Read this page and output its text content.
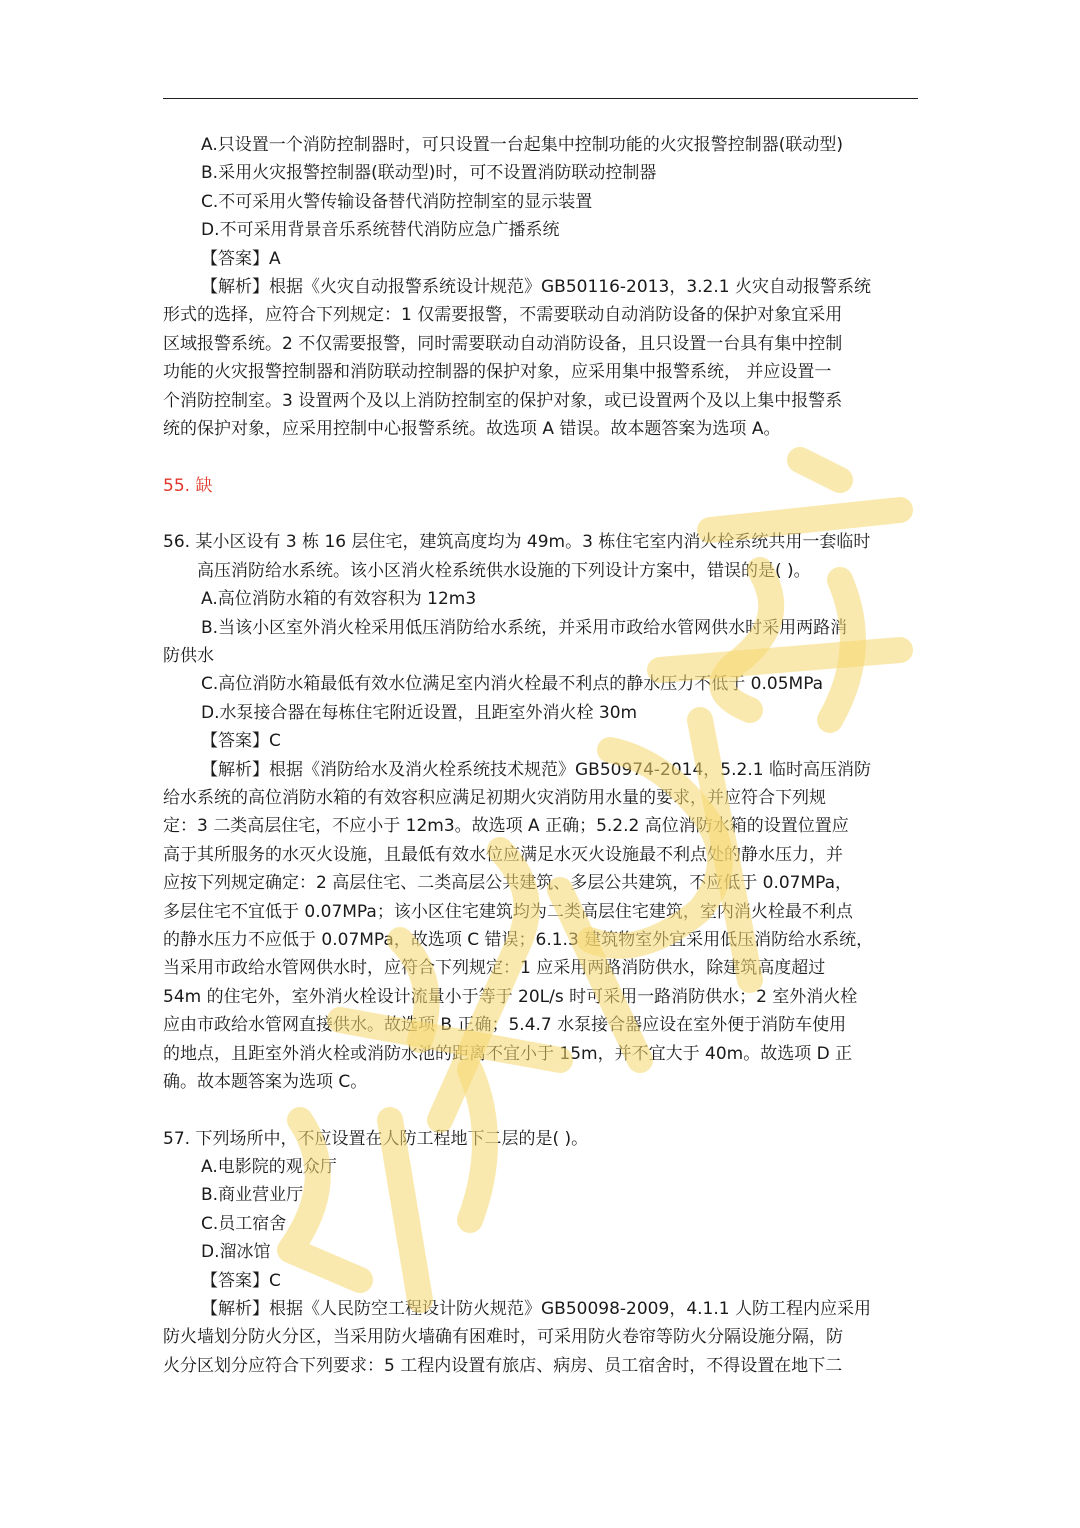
A.只设置一个消防控制器时，可只设置一台起集中控制功能的火灾报警控制器(联动型)
B.采用火灾报警控制器(联动型)时，可不设置消防联动控制器
C.不可采用火警传输设备替代消防控制室的显示装置
D.不可采用背景音乐系统替代消防应急广播系统
【答案】A
【解析】根据《火灾自动报警系统设计规范》GB50116-2013，3.2.1 火灾自动报警系统
形式的选择，应符合下列规定：1 仅需要报警，不需要联动自动消防设备的保护对象宜采用
区域报警系统。2 不仅需要报警，同时需要联动自动消防设备，且只设置一台具有集中控制
功能的火灾报警控制器和消防联动控制器的保护对象，应采用集中报警系统， 并应设置一
个消防控制室。3 设置两个及以上消防控制室的保护对象，或已设置两个及以上集中报警系
统的保护对象，应采用控制中心报警系统。故选项 A 错误。故本题答案为选项 A。
55. 缺
56. 某小区设有 3 栋 16 层住宅，建筑高度均为 49m。3 栋住宅室内消火栓系统共用一套临时
高压消防给水系统。该小区消火栓系统供水设施的下列设计方案中，错误的是( )。
A.高位消防水箱的有效容积为 12m3
B.当该小区室外消火栓采用低压消防给水系统，并采用市政给水管网供水时采用两路消
防供水
C.高位消防水箱最低有效水位满足室内消火栓最不利点的静水压力不低于 0.05MPa
D.水泵接合器在每栋住宅附近设置，且距室外消火栓 30m
【答案】C
【解析】根据《消防给水及消火栓系统技术规范》GB50974-2014，5.2.1 临时高压消防
给水系统的高位消防水箱的有效容积应满足初期火灾消防用水量的要求，并应符合下列规
定：3 二类高层住宅，不应小于 12m3。故选项 A 正确；5.2.2 高位消防水箱的设置位置应
高于其所服务的水灭火设施，且最低有效水位应满足水灭火设施最不利点处的静水压力，并
应按下列规定确定：2 高层住宅、二类高层公共建筑、多层公共建筑，不应低于 0.07MPa，
多层住宅不宜低于 0.07MPa；该小区住宅建筑均为二类高层住宅建筑，室内消火栓最不利点
的静水压力不应低于 0.07MPa，故选项 C 错误；6.1.3 建筑物室外宜采用低压消防给水系统，
当采用市政给水管网供水时，应符合下列规定：1 应采用两路消防供水，除建筑高度超过
54m 的住宅外，室外消火栓设计流量小于等于 20L/s 时可采用一路消防供水；2 室外消火栓
应由市政给水管网直接供水。故选项 B 正确；5.4.7 水泵接合器应设在室外便于消防车使用
的地点，且距室外消火栓或消防水池的距离不宜小于 15m，并不宜大于 40m。故选项 D 正
确。故本题答案为选项 C。
57. 下列场所中，不应设置在人防工程地下二层的是( )。
A.电影院的观众厅
B.商业营业厅
C.员工宿舍
D.溜冰馆
【答案】C
【解析】根据《人民防空工程设计防火规范》GB50098-2009，4.1.1 人防工程内应采用
防火墙划分防火分区，当采用防火墙确有困难时，可采用防火卷帘等防火分隔设施分隔，防
火分区划分应符合下列要求：5 工程内设置有旅店、病房、员工宿舍时，不得设置在地下二
